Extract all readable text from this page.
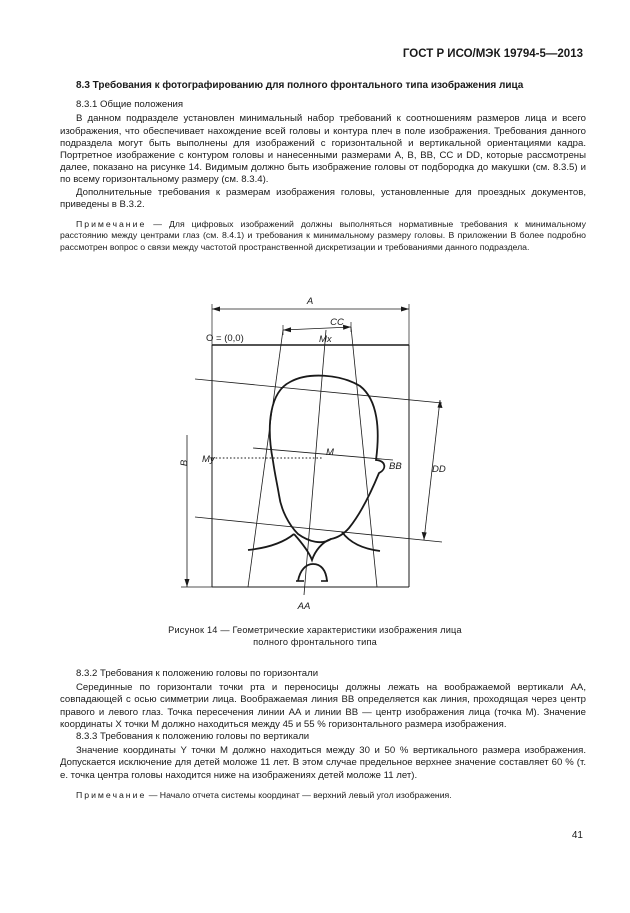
ГОСТ Р ИСО/МЭК 19794-5—2013
8.3 Требования к фотографированию для полного фронтального типа изображения лица
8.3.1 Общие положения

В данном подразделе установлен минимальный набор требований к соотношениям размеров лица и всего изображения, что обеспечивает нахождение всей головы и контура плеч в поле изображения. Требования данного подраздела могут быть выполнены для изображений с горизонтальной и вертикальной ориентациями кадра. Портретное изображение с контуром головы и нанесенными размерами A, B, BB, CC и DD, которые рассмотрены далее, показано на рисунке 14. Видимым должно быть изображение головы от подбородка до макушки (см. 8.3.5) и по всему горизонтальному размеру (см. 8.3.4).

Дополнительные требования к размерам изображения головы, установленные для проездных документов, приведены в В.3.2.

Примечание — Для цифровых изображений должны выполняться нормативные требования к минимальному расстоянию между центрами глаз (см. 8.4.1) и требования к минимальному размеру головы. В приложении В более подробно рассмотрен вопрос о связи между частотой пространственной дискретизации и требованиями данного подраздела.
A
CC
Mx
O = (0,0)
B My
M
BB	DD
AA
Рисунок 14 — Геометрические характеристики изображения лица
полного фронтального типа
8.3.2 Требования к положению головы по горизонтали

Серединные по горизонтали точки рта и переносицы должны лежать на воображаемой вертикали AA, совпадающей с осью симметрии лица. Воображаемая линия BB определяется как линия, проходящая через центр правого и левого глаз. Точка пересечения линии AA и линии BB — центр изображения лица (точка M). Значение координаты X точки M должно находиться между 45 и 55 % горизонтального размера изображения.

8.3.3 Требования к положению головы по вертикали

Значение координаты Y точки M должно находиться между 30 и 50 % вертикального размера изображения. Допускается исключение для детей моложе 11 лет. В этом случае предельное верхнее значение составляет 60 % (т. е. точка центра головы находится ниже на изображениях детей моложе 11 лет).

Примечание — Начало отчета системы координат — верхний левый угол изображения.
41
